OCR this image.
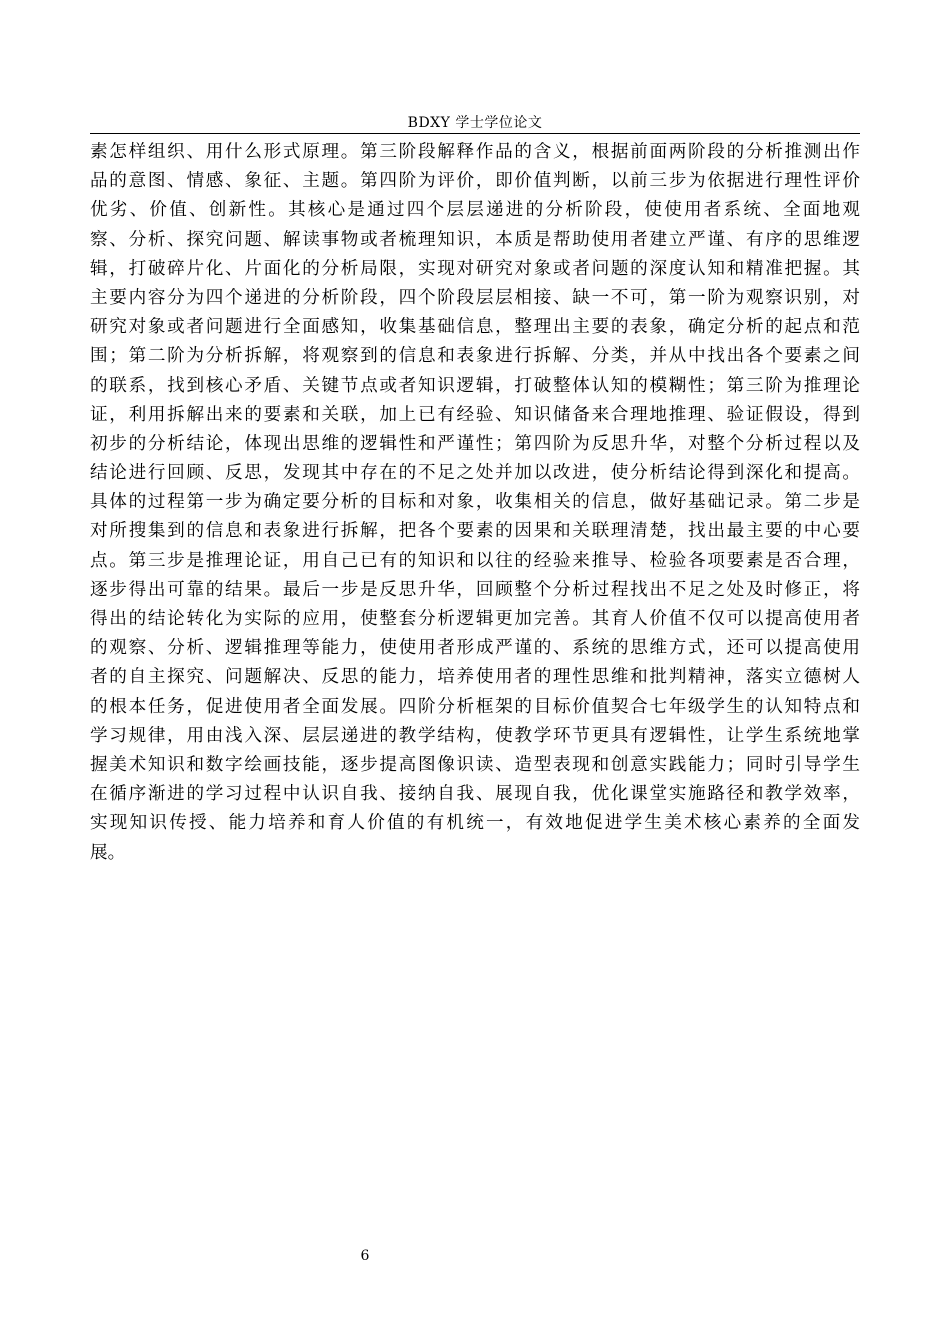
BDXY 学士学位论文
素怎样组织、用什么形式原理。第三阶段解释作品的含义，根据前面两阶段的分析推测出作
品的意图、情感、象征、主题。第四阶为评价，即价值判断，以前三步为依据进行理性评价
优劣、价值、创新性。其核心是通过四个层层递进的分析阶段，使使用者系统、全面地观
察、分析、探究问题、解读事物或者梳理知识，本质是帮助使用者建立严谨、有序的思维逻
辑，打破碎片化、片面化的分析局限，实现对研究对象或者问题的深度认知和精准把握。其
主要内容分为四个递进的分析阶段，四个阶段层层相接、缺一不可，第一阶为观察识别，对
研究对象或者问题进行全面感知，收集基础信息，整理出主要的表象，确定分析的起点和范
围；第二阶为分析拆解，将观察到的信息和表象进行拆解、分类，并从中找出各个要素之间
的联系，找到核心矛盾、关键节点或者知识逻辑，打破整体认知的模糊性；第三阶为推理论
证，利用拆解出来的要素和关联，加上已有经验、知识储备来合理地推理、验证假设，得到
初步的分析结论，体现出思维的逻辑性和严谨性；第四阶为反思升华，对整个分析过程以及
结论进行回顾、反思，发现其中存在的不足之处并加以改进，使分析结论得到深化和提高。
具体的过程第一步为确定要分析的目标和对象，收集相关的信息，做好基础记录。第二步是
对所搜集到的信息和表象进行拆解，把各个要素的因果和关联理清楚，找出最主要的中心要
点。第三步是推理论证，用自己已有的知识和以往的经验来推导、检验各项要素是否合理，
逐步得出可靠的结果。最后一步是反思升华，回顾整个分析过程找出不足之处及时修正，将
得出的结论转化为实际的应用，使整套分析逻辑更加完善。其育人价值不仅可以提高使用者
的观察、分析、逻辑推理等能力，使使用者形成严谨的、系统的思维方式，还可以提高使用
者的自主探究、问题解决、反思的能力，培养使用者的理性思维和批判精神，落实立德树人
的根本任务，促进使用者全面发展。四阶分析框架的目标价值契合七年级学生的认知特点和
学习规律，用由浅入深、层层递进的教学结构，使教学环节更具有逻辑性，让学生系统地掌
握美术知识和数字绘画技能，逐步提高图像识读、造型表现和创意实践能力；同时引导学生
在循序渐进的学习过程中认识自我、接纳自我、展现自我，优化课堂实施路径和教学效率，
实现知识传授、能力培养和育人价值的有机统一，有效地促进学生美术核心素养的全面发
展。
6
